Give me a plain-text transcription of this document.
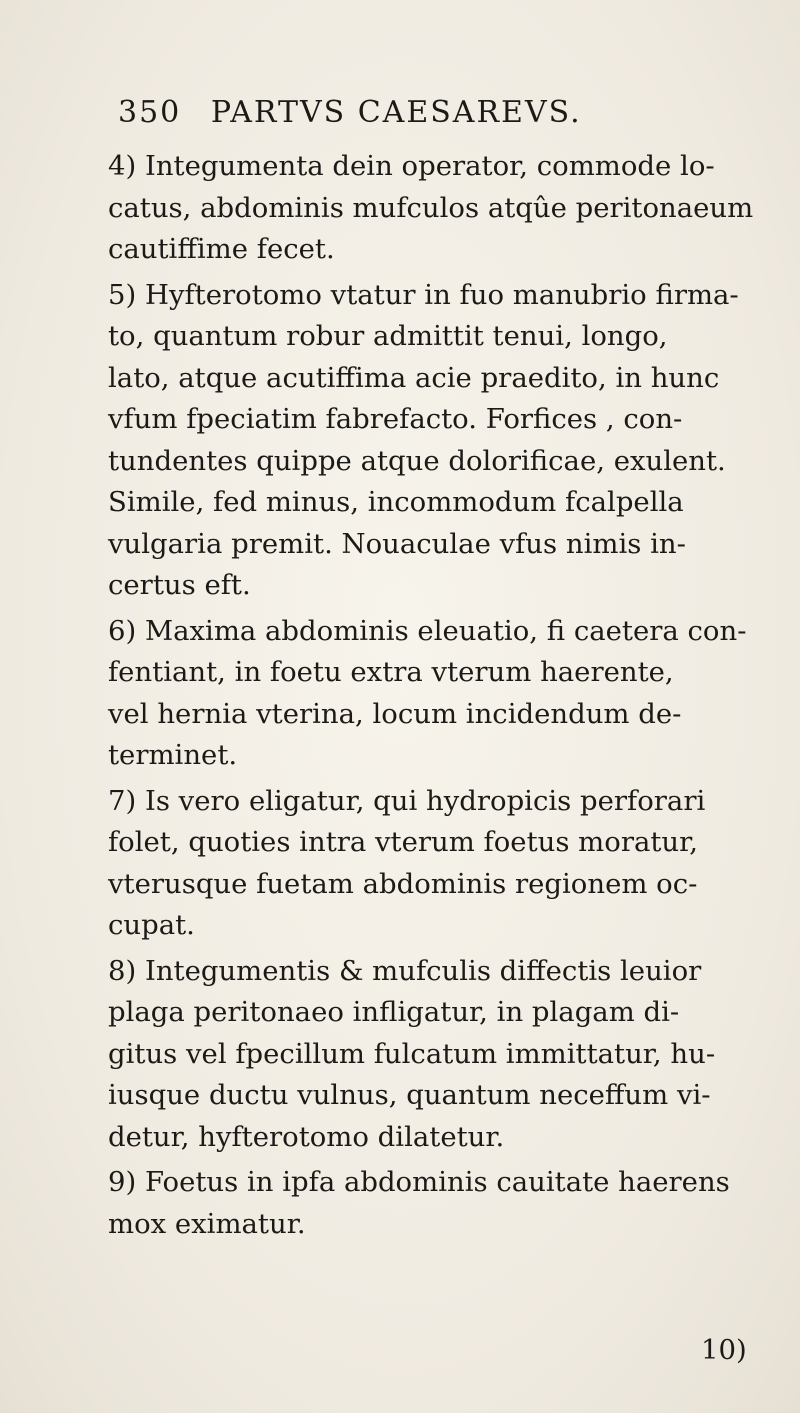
350 PARTVS CAESAREVS.

4) Integumenta dein operator, commode lo-
catus, abdominis mufculos atqûe peritonaeum
cautiffime fecet.

5) Hyfterotomo vtatur in fuo manubrio firma-
to, quantum robur admittit tenui, longo,
lato, atque acutiffima acie praedito, in hunc
vfum fpeciatim fabrefacto. Forfices , con-
tundentes quippe atque dolorificae, exulent.
Simile, fed minus, incommodum fcalpella
vulgaria premit. Nouaculae vfus nimis in-
certus eft.

6) Maxima abdominis eleuatio, fi caetera con-
fentiant, in foetu extra vterum haerente,
vel hernia vterina, locum incidendum de-
terminet.

7) Is vero eligatur, qui hydropicis perforari
folet, quoties intra vterum foetus moratur,
vterusque fuetam abdominis regionem oc-
cupat.

8) Integumentis & mufculis diffectis leuior
plaga peritonaeo infligatur, in plagam di-
gitus vel fpecillum fulcatum immittatur, hu-
iusque ductu vulnus, quantum neceffum vi-
detur, hyfterotomo dilatetur.

9) Foetus in ipfa abdominis cauitate haerens
mox eximatur.

10)
